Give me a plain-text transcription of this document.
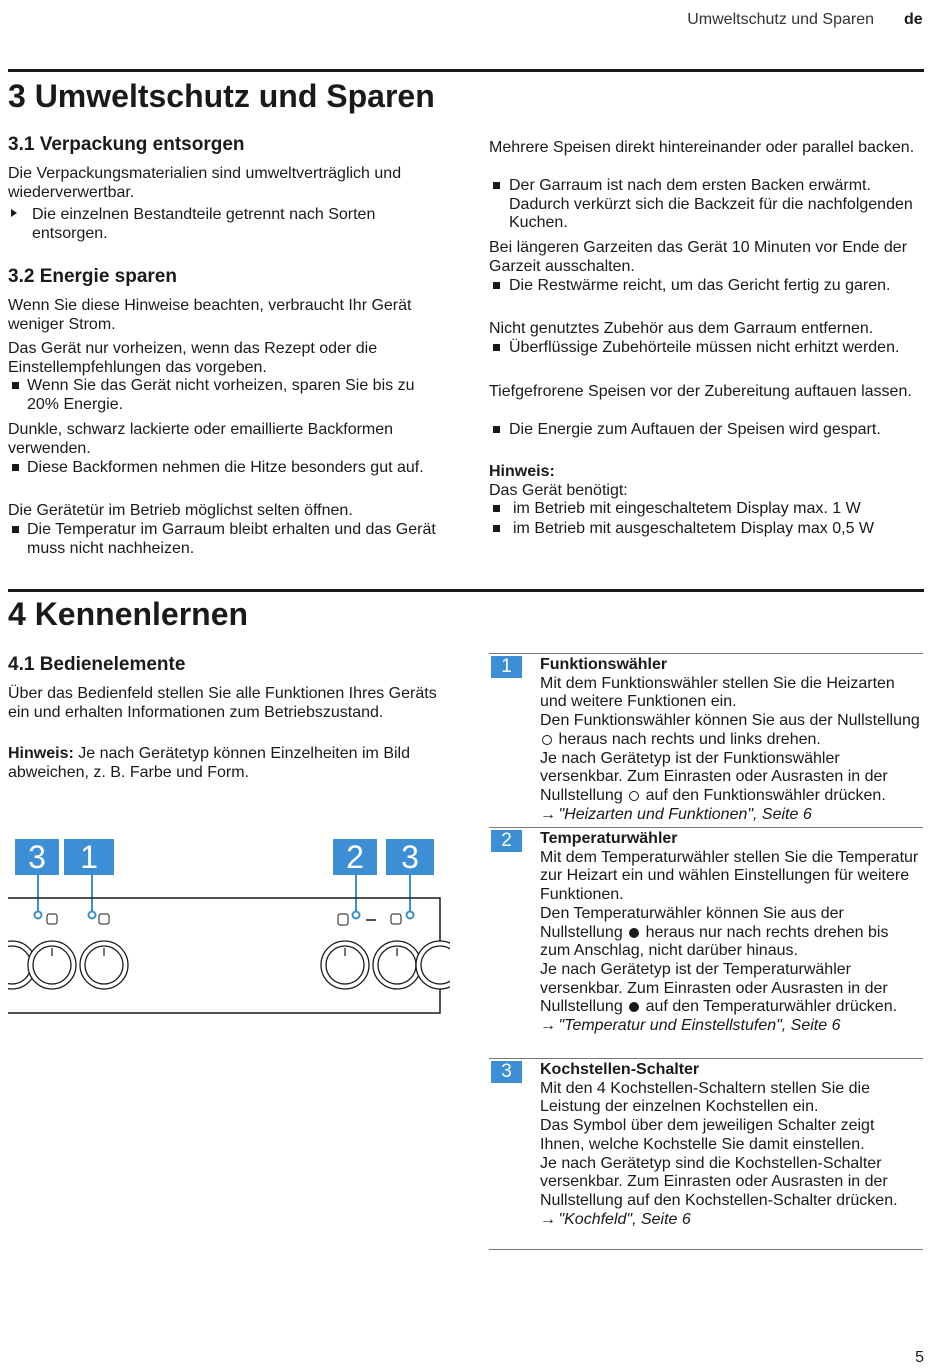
Umweltschutz und Sparen de
3 Umweltschutz und Sparen
3.1 Verpackung entsorgen

Die Verpackungsmaterialien sind umweltverträglich und wiederverwertbar.

Die einzelnen Bestandteile getrennt nach Sorten entsorgen.

3.2 Energie sparen

Wenn Sie diese Hinweise beachten, verbraucht Ihr Gerät weniger Strom.

Das Gerät nur vorheizen, wenn das Rezept oder die Einstellempfehlungen das vorgeben.

Wenn Sie das Gerät nicht vorheizen, sparen Sie bis zu 20% Energie.

Dunkle, schwarz lackierte oder emaillierte Backformen verwenden.

Diese Backformen nehmen die Hitze besonders gut auf.

Die Gerätetür im Betrieb möglichst selten öffnen.

Die Temperatur im Garraum bleibt erhalten und das Gerät muss nicht nachheizen.

Mehrere Speisen direkt hintereinander oder parallel backen.

Der Garraum ist nach dem ersten Backen erwärmt. Dadurch verkürzt sich die Backzeit für die nachfolgenden Kuchen.

Bei längeren Garzeiten das Gerät 10 Minuten vor Ende der Garzeit ausschalten.

Die Restwärme reicht, um das Gericht fertig zu garen.

Nicht genutztes Zubehör aus dem Garraum entfernen.

Überflüssige Zubehörteile müssen nicht erhitzt werden.

Tiefgefrorene Speisen vor der Zubereitung auftauen lassen.

Die Energie zum Auftauen der Speisen wird gespart.

Hinweis:

Das Gerät benötigt:

im Betrieb mit eingeschaltetem Display max. 1 W

im Betrieb mit ausgeschaltetem Display max 0,5 W

4 Kennenlernen
4.1 Bedienelemente

Über das Bedienfeld stellen Sie alle Funktionen Ihres Geräts ein und erhalten Informationen zum Betriebszustand.

Hinweis: Je nach Gerätetyp können Einzelheiten im Bild abweichen, z. B. Farbe und Form.

3	1	2	3
1	Funktionswähler
Mit dem Funktionswähler stellen Sie die Heizarten und weitere Funktionen ein.
Den Funktionswähler können Sie aus der Nullstellung  heraus nach rechts und links drehen.
Je nach Gerätetyp ist der Funktionswähler versenkbar. Zum Einrasten oder Ausrasten in der Nullstellung auf den Funktionswähler drücken.
→ "Heizarten und Funktionen", Seite 6
2	Temperaturwähler
Mit dem Temperaturwähler stellen Sie die Temperatur zur Heizart ein und wählen Einstellungen für weitere Funktionen.
Den Temperaturwähler können Sie aus der Nullstellung heraus nur nach rechts drehen bis zum Anschlag, nicht darüber hinaus.
Je nach Gerätetyp ist der Temperaturwähler versenkbar. Zum Einrasten oder Ausrasten in der Nullstellung auf den Temperaturwähler drücken.
→ "Temperatur und Einstellstufen", Seite 6
3	Kochstellen-Schalter
Mit den 4 Kochstellen-Schaltern stellen Sie die Leistung der einzelnen Kochstellen ein.
Das Symbol über dem jeweiligen Schalter zeigt Ihnen, welche Kochstelle Sie damit einstellen.
Je nach Gerätetyp sind die Kochstellen-Schalter versenkbar. Zum Einrasten oder Ausrasten in der Nullstellung auf den Kochstellen-Schalter drücken.
→ "Kochfeld", Seite 6
5
